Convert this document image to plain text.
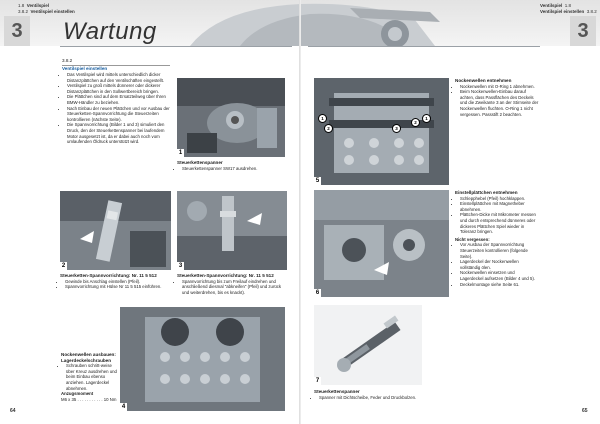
3	3
1.8 Ventilspiel
3.8.2 Ventilspiel einstellen
Ventilspiel 1.8
Ventilspiel einstellen 3.8.2
Wartung
3.8.2
Ventilspiel einstellen
• Das Ventilspiel wird mittels unterschiedlich dicker Distanzplättchen auf den Ventilschäften eingestellt.
• Ventilspiel zu groß mittels dünnerer oder dickerer Distanzplättchen in den Sollwertbereich bringen.
• Die Plättchen sind auf dem Ersatzteilweg über Ihren BMW-Händler zu beziehen.
• Nach Einbau der neuen Plättchen und vor Ausbau der Steuerketten-Spannvorrichtung die Steuerzeiten kontrollieren (nächste Seite).
• Die Spannvorrichtung (Bilder 1 und 3) simuliert den Druck, den der Steuerkettenspanner bei laufendem Motor ausgesetzt ist, da er dabei auch noch vom umlaufenden Öldruck unterstützt wird.
1
Steuerkettenspanner
• Steuerkettenspanner SW17 ausdrehen.
2
Steuerketten-Spannvorrichtung: Nr. 11 5 512
• Gewinde bis Anschlag einstellen (Pfeil).
• Spannvorrichtung mit Hülse Nr 11 5 515 einführen.
3
Steuerketten-Spannvorrichtung: Nr. 11 5 512
• Spannvorrichtung bis zum Freilauf eindrehen und anschließend diesmal "abkneifen" (Pfeil) und zurück und weiterdrehen, bis es knackt).
4
Nockenwellen ausbauen: Lagerdeckelschrauben
• Schrauben schritt-weise über Kreuz ausdrehen und beim Einbau ebenso anziehen. Lagerdeckel abnehmen.
Anzugsmoment
M6 x 35 . . . . . . . . . . . 10 Nm
64
1
2	3
2
1
5
Nockenwellen entnehmen
• Nockenwellen mit O-Ring 1 abnehmen.
• Beim Nockenwellen-Einbau darauf achten, dass Passflächen des Deckels und die Zweikante 3 an der Stirnseite der Nockenwellen fluchten. O-Ring 1 nicht vergessen. Passstift 2 beachten.
6
Einstellplättchen entnehmen
• Schlepphebel (Pfeil) hochklappen.
• Einstellplättchen mit Magnetheber abnehmen.
• Plättchen-Dicke mit Mikrometer messen und durch entsprechend dünneres oder dickeres Plättchen Spiel wieder in Toleranz bringen.
Nicht vergessen:
• Vor Ausbau der Spannvorrichtung Steuerzeiten kontrollieren (folgende Seite).
• Lagerdeckel der Nockenwellen vollständig ölen.
• Nockenwellen einsetzen und Lagerdeckel aufsetzen (Bilder 4 und 5).
• Deckelmontage siehe Seite 61.
7
Steuerkettenspanner
• Spanner mit Dichtscheibe, Feder und Druckbolzen.
65
